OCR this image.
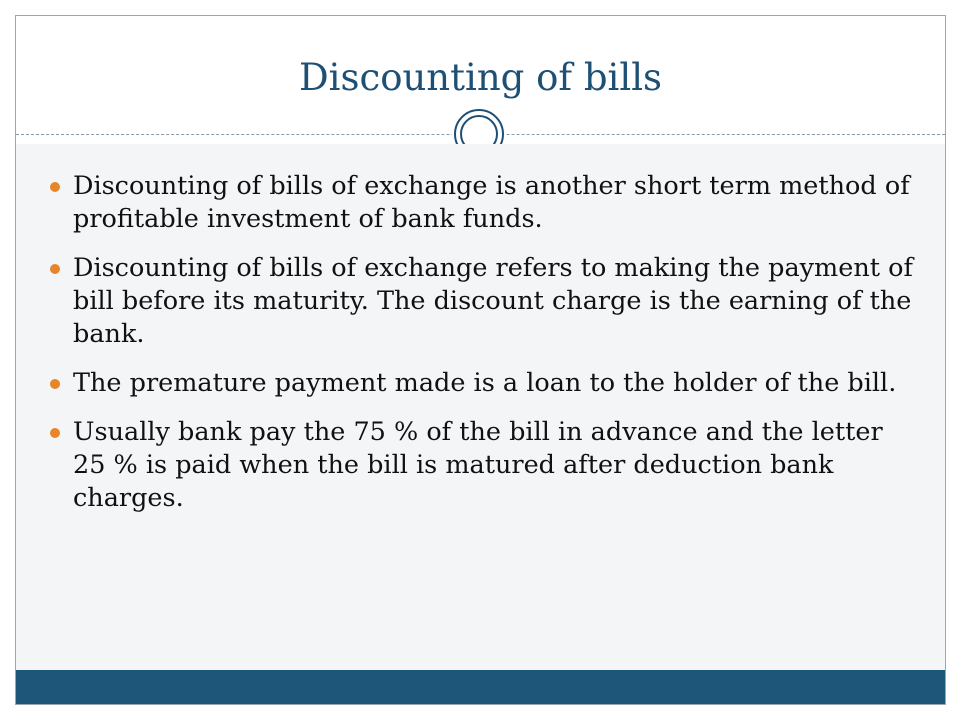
Discounting of bills
Discounting of bills of exchange is another short term method of profitable investment of bank funds.
Discounting of bills of exchange refers to making the payment of bill before its maturity. The discount charge is the earning of the bank.
The premature payment made is a loan to the holder of the bill.
Usually bank pay the 75 % of the bill in advance and the letter 25 % is paid when the bill is matured after deduction bank charges.
